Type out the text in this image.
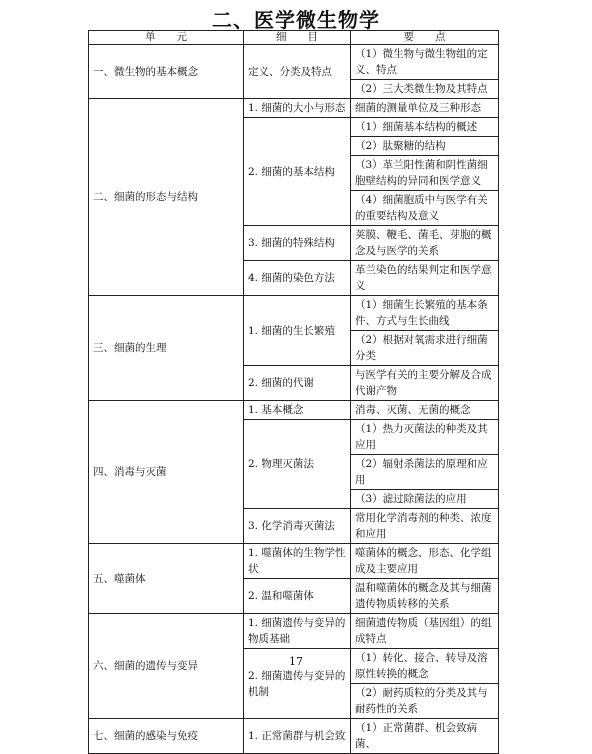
二、医学微生物学
单　　元	细　　目	要　　点
一、微生物的基本概念	定义、分类及特点	（1）微生物与微生物组的定义、特点
		（2）三大类微生物及其特点
二、细菌的形态与结构	1. 细菌的大小与形态	细菌的测量单位及三种形态
	2. 细菌的基本结构	（1）细菌基本结构的概述
		（2）肽聚糖的结构
		（3）革兰阳性菌和阴性菌细胞壁结构的异同和医学意义
		（4）细菌胞质中与医学有关的重要结构及意义
	3. 细菌的特殊结构	荚膜、鞭毛、菌毛、芽胞的概念及与医学的关系
	4. 细菌的染色方法	革兰染色的结果判定和医学意义
三、细菌的生理	1. 细菌的生长繁殖	（1）细菌生长繁殖的基本条件、方式与生长曲线
		（2）根据对氧需求进行细菌分类
	2. 细菌的代谢	与医学有关的主要分解及合成代谢产物
四、消毒与灭菌	1. 基本概念	消毒、灭菌、无菌的概念
	2. 物理灭菌法	（1）热力灭菌法的种类及其应用
		（2）辐射杀菌法的原理和应用
		（3）滤过除菌法的应用
	3. 化学消毒灭菌法	常用化学消毒剂的种类、浓度和应用
五、噬菌体	1. 噬菌体的生物学性状	噬菌体的概念、形态、化学组成及主要应用
	2. 温和噬菌体	温和噬菌体的概念及其与细菌遗传物质转移的关系
六、细菌的遗传与变异	1. 细菌遗传与变异的物质基础	细菌遗传物质（基因组）的组成特点
	2. 细菌遗传与变异的机制	（1）转化、接合、转导及溶原性转换的概念
		（2）耐药质粒的分类及其与耐药性的关系
七、细菌的感染与免疫	1. 正常菌群与机会致	（1）正常菌群、机会致病菌、
17
